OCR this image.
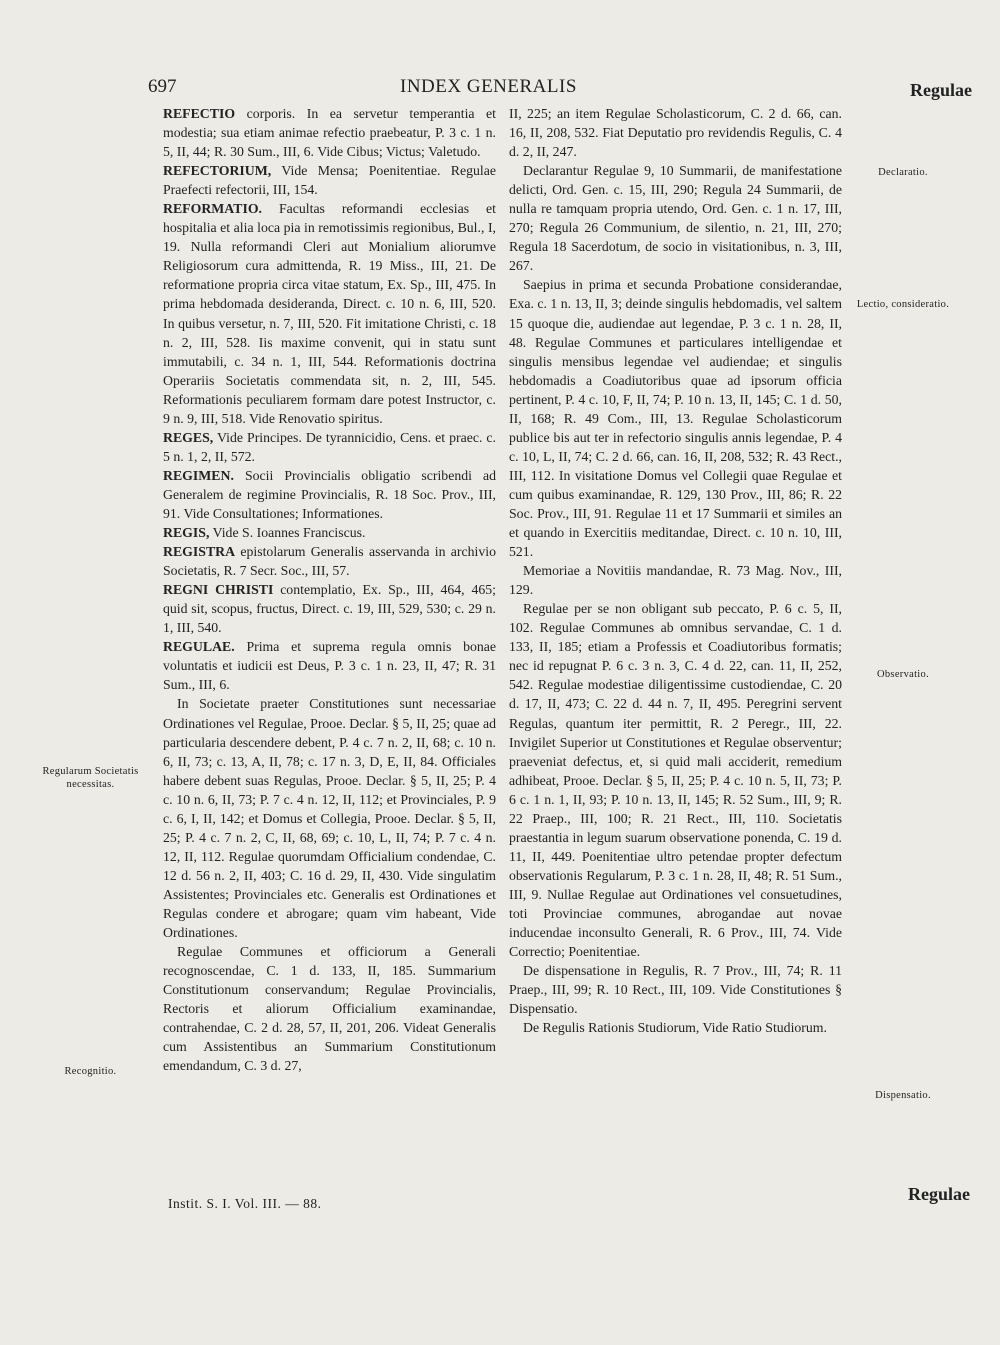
697	INDEX GENERALIS	Regulae
Regularum Societatis necessitas.
Recognitio.
Declaratio.
Lectio, consideratio.
Observatio.
Dispensatio.

REFECTIO corporis. In ea servetur temperantia et modestia; sua etiam animae refectio praebeatur, P. 3 c. 1 n. 5, II, 44; R. 30 Sum., III, 6. Vide Cibus; Victus; Valetudo.

REFECTORIUM, Vide Mensa; Poenitentiae. Regulae Praefecti refectorii, III, 154.

REFORMATIO. Facultas reformandi ecclesias et hospitalia et alia loca pia in remotissimis regionibus, Bul., I, 19. Nulla reformandi Cleri aut Monialium aliorumve Religiosorum cura admittenda, R. 19 Miss., III, 21. De reformatione propria circa vitae statum, Ex. Sp., III, 475. In prima hebdomada desideranda, Direct. c. 10 n. 6, III, 520. In quibus versetur, n. 7, III, 520. Fit imitatione Christi, c. 18 n. 2, III, 528. Iis maxime convenit, qui in statu sunt immutabili, c. 34 n. 1, III, 544. Reformationis doctrina Operariis Societatis commendata sit, n. 2, III, 545. Reformationis peculiarem formam dare potest Instructor, c. 9 n. 9, III, 518. Vide Renovatio spiritus.

REGES, Vide Principes. De tyrannicidio, Cens. et praec. c. 5 n. 1, 2, II, 572.

REGIMEN. Socii Provincialis obligatio scribendi ad Generalem de regimine Provincialis, R. 18 Soc. Prov., III, 91. Vide Consultationes; Informationes.

REGIS, Vide S. Ioannes Franciscus.

REGISTRA epistolarum Generalis asservanda in archivio Societatis, R. 7 Secr. Soc., III, 57.

REGNI CHRISTI contemplatio, Ex. Sp., III, 464, 465; quid sit, scopus, fructus, Direct. c. 19, III, 529, 530; c. 29 n. 1, III, 540.

REGULAE. Prima et suprema regula omnis bonae voluntatis et iudicii est Deus, P. 3 c. 1 n. 23, II, 47; R. 31 Sum., III, 6.

In Societate praeter Constitutiones sunt necessariae Ordinationes vel Regulae, Prooe. Declar. § 5, II, 25; quae ad particularia descendere debent, P. 4 c. 7 n. 2, II, 68; c. 10 n. 6, II, 73; c. 13, A, II, 78; c. 17 n. 3, D, E, II, 84. Officiales habere debent suas Regulas, Prooe. Declar. § 5, II, 25; P. 4 c. 10 n. 6, II, 73; P. 7 c. 4 n. 12, II, 112; et Provinciales, P. 9 c. 6, I, II, 142; et Domus et Collegia, Prooe. Declar. § 5, II, 25; P. 4 c. 7 n. 2, C, II, 68, 69; c. 10, L, II, 74; P. 7 c. 4 n. 12, II, 112. Regulae quorumdam Officialium condendae, C. 12 d. 56 n. 2, II, 403; C. 16 d. 29, II, 430. Vide singulatim Assistentes; Provinciales etc. Generalis est Ordinationes et Regulas condere et abrogare; quam vim habeant, Vide Ordinationes.

Regulae Communes et officiorum a Generali recognoscendae, C. 1 d. 133, II, 185. Summarium Constitutionum conservandum; Regulae Provincialis, Rectoris et aliorum Officialium examinandae, contrahendae, C. 2 d. 28, 57, II, 201, 206. Videat Generalis cum Assistentibus an Summarium Constitutionum emendandum, C. 3 d. 27,

II, 225; an item Regulae Scholasticorum, C. 2 d. 66, can. 16, II, 208, 532. Fiat Deputatio pro revidendis Regulis, C. 4 d. 2, II, 247.

Declarantur Regulae 9, 10 Summarii, de manifestatione delicti, Ord. Gen. c. 15, III, 290; Regula 24 Summarii, de nulla re tamquam propria utendo, Ord. Gen. c. 1 n. 17, III, 270; Regula 26 Communium, de silentio, n. 21, III, 270; Regula 18 Sacerdotum, de socio in visitationibus, n. 3, III, 267.

Saepius in prima et secunda Probatione considerandae, Exa. c. 1 n. 13, II, 3; deinde singulis hebdomadis, vel saltem 15 quoque die, audiendae aut legendae, P. 3 c. 1 n. 28, II, 48. Regulae Communes et particulares intelligendae et singulis mensibus legendae vel audiendae; et singulis hebdomadis a Coadiutoribus quae ad ipsorum officia pertinent, P. 4 c. 10, F, II, 74; P. 10 n. 13, II, 145; C. 1 d. 50, II, 168; R. 49 Com., III, 13. Regulae Scholasticorum publice bis aut ter in refectorio singulis annis legendae, P. 4 c. 10, L, II, 74; C. 2 d. 66, can. 16, II, 208, 532; R. 43 Rect., III, 112. In visitatione Domus vel Collegii quae Regulae et cum quibus examinandae, R. 129, 130 Prov., III, 86; R. 22 Soc. Prov., III, 91. Regulae 11 et 17 Summarii et similes an et quando in Exercitiis meditandae, Direct. c. 10 n. 10, III, 521.

Memoriae a Novitiis mandandae, R. 73 Mag. Nov., III, 129.

Regulae per se non obligant sub peccato, P. 6 c. 5, II, 102. Regulae Communes ab omnibus servandae, C. 1 d. 133, II, 185; etiam a Professis et Coadiutoribus formatis; nec id repugnat P. 6 c. 3 n. 3, C. 4 d. 22, can. 11, II, 252, 542. Regulae modestiae diligentissime custodiendae, C. 20 d. 17, II, 473; C. 22 d. 44 n. 7, II, 495. Peregrini servent Regulas, quantum iter permittit, R. 2 Peregr., III, 22. Invigilet Superior ut Constitutiones et Regulae observentur; praeveniat defectus, et, si quid mali acciderit, remedium adhibeat, Prooe. Declar. § 5, II, 25; P. 4 c. 10 n. 5, II, 73; P. 6 c. 1 n. 1, II, 93; P. 10 n. 13, II, 145; R. 52 Sum., III, 9; R. 22 Praep., III, 100; R. 21 Rect., III, 110. Societatis praestantia in legum suarum observatione ponenda, C. 19 d. 11, II, 449. Poenitentiae ultro petendae propter defectum observationis Regularum, P. 3 c. 1 n. 28, II, 48; R. 51 Sum., III, 9. Nullae Regulae aut Ordinationes vel consuetudines, toti Provinciae communes, abrogandae aut novae inducendae inconsulto Generali, R. 6 Prov., III, 74. Vide Correctio; Poenitentiae.

De dispensatione in Regulis, R. 7 Prov., III, 74; R. 11 Praep., III, 99; R. 10 Rect., III, 109. Vide Constitutiones § Dispensatio.

De Regulis Rationis Studiorum, Vide Ratio Studiorum.

Instit. S. I. Vol. III. — 88.	Regulae
